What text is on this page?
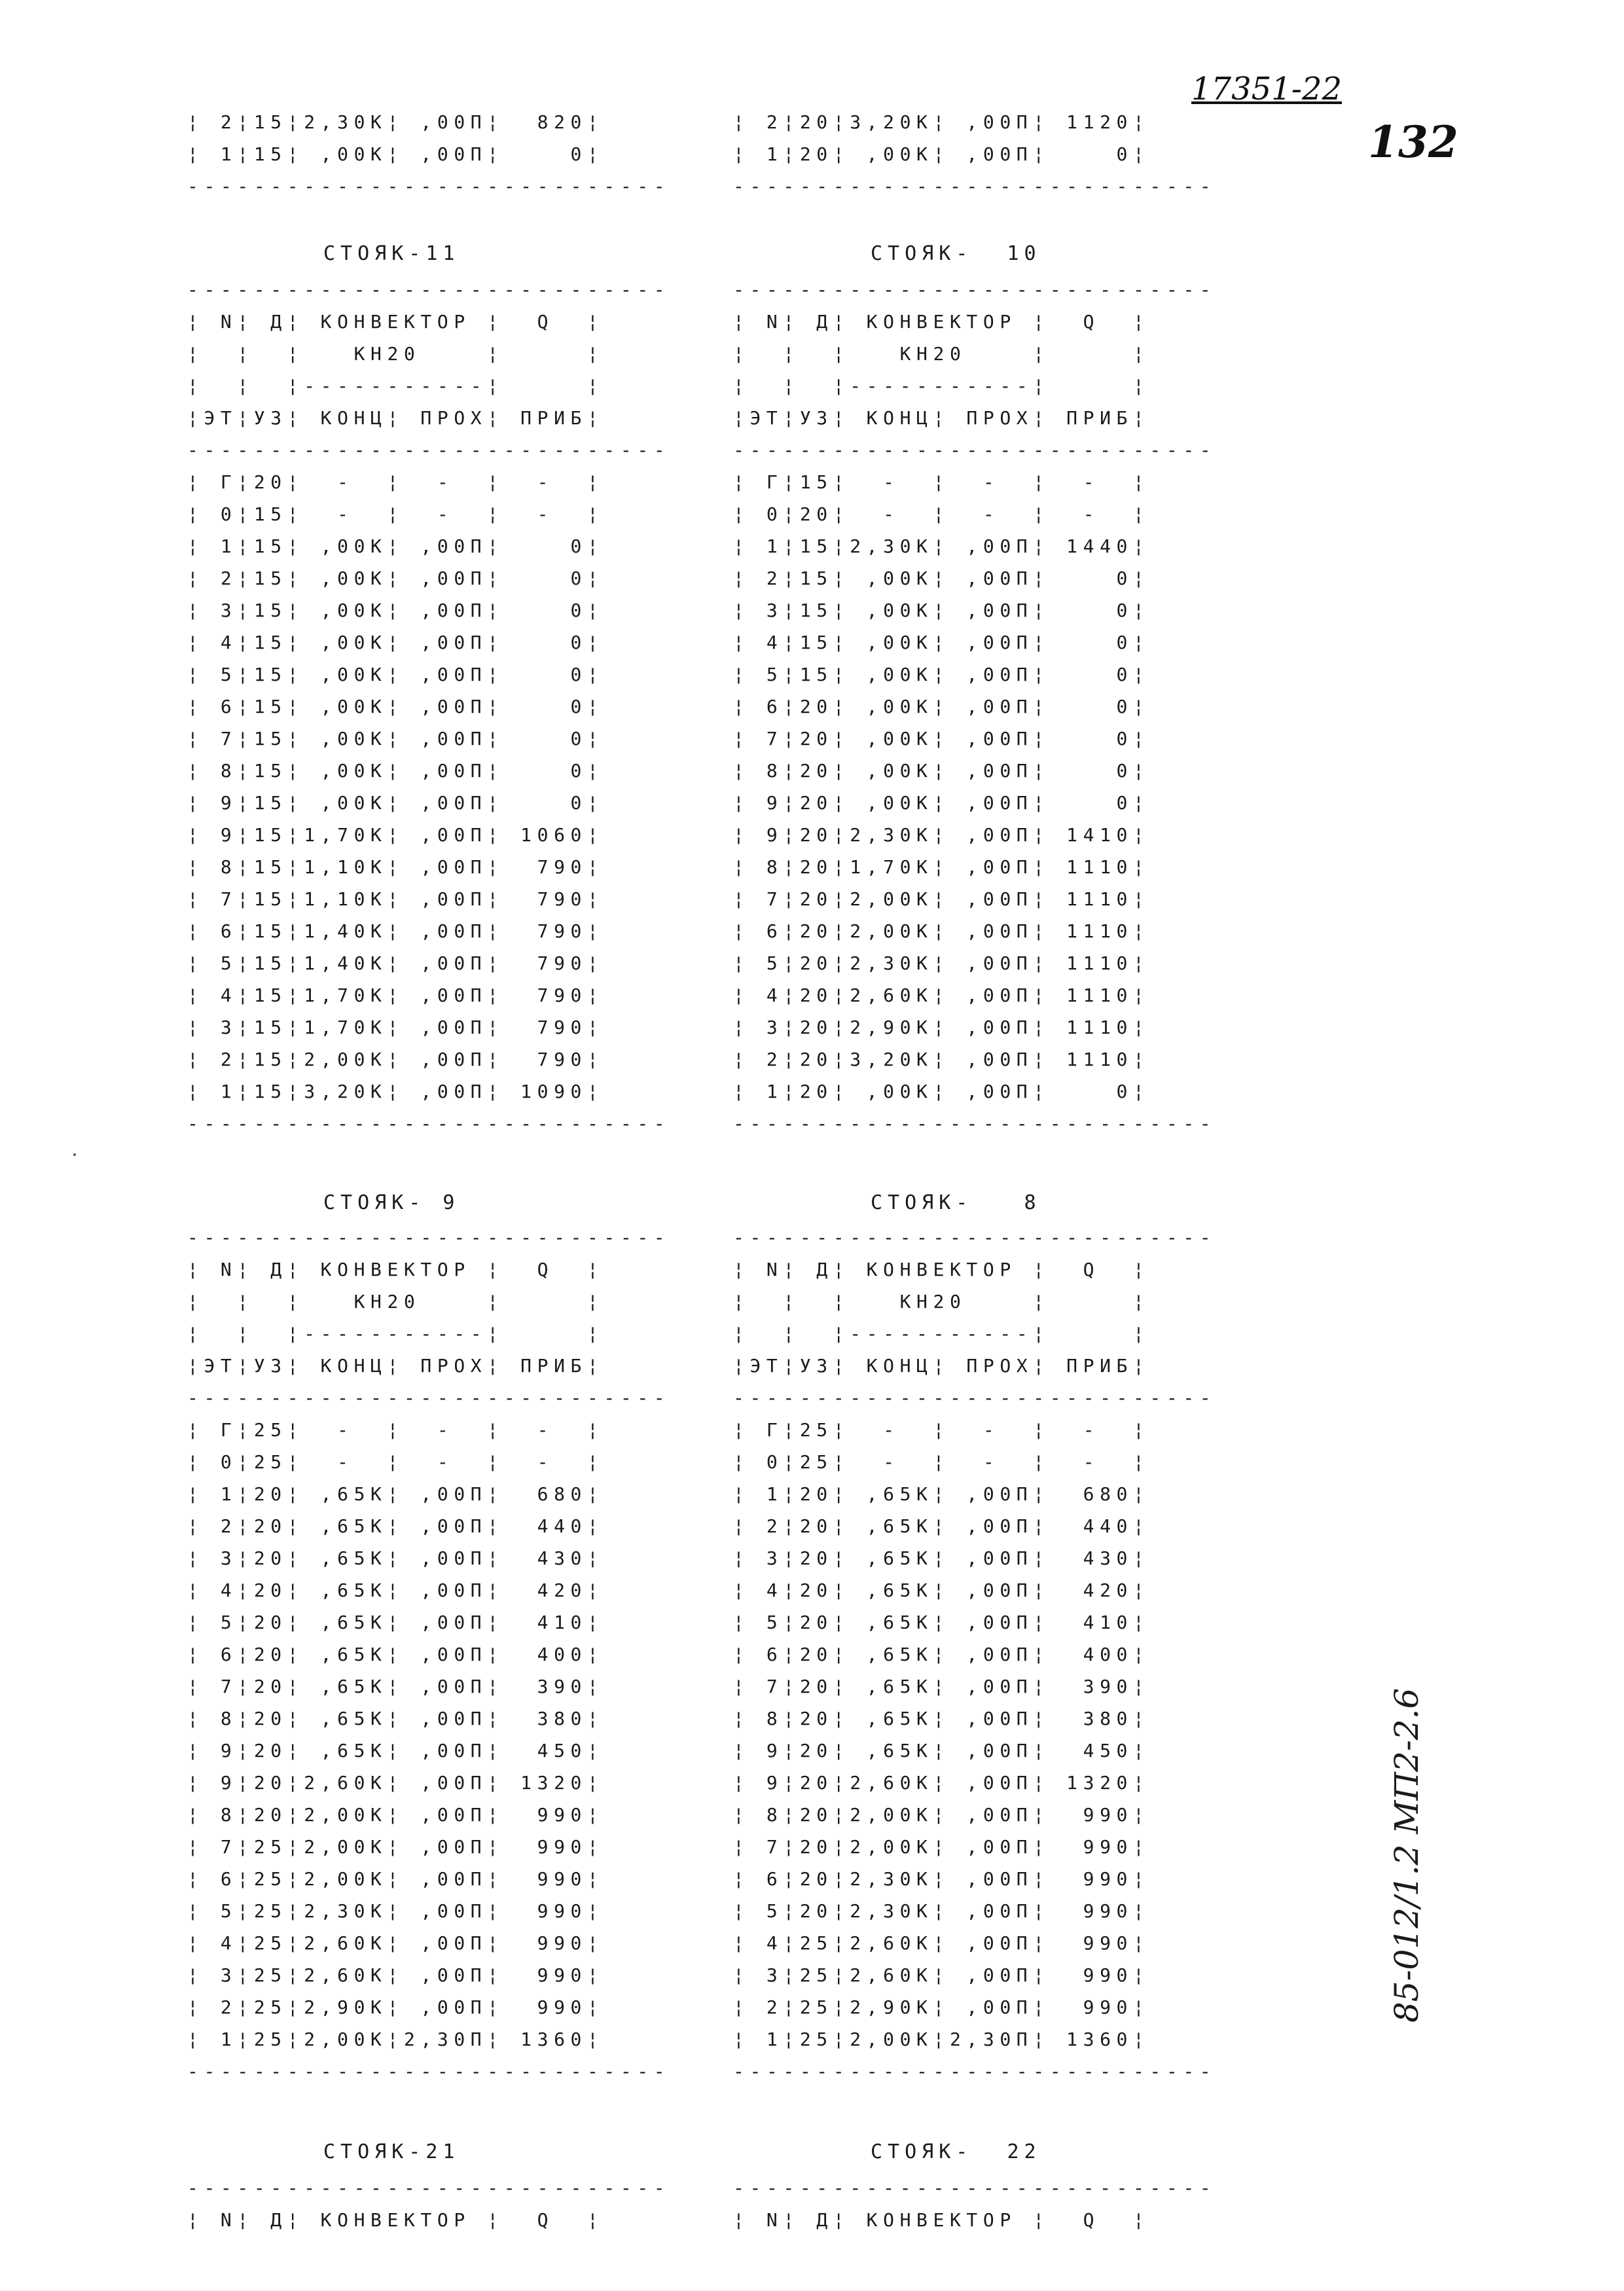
17351-22
132
85-012/1.2 МП2-2.6
¦ 2¦15¦2,30К¦ ,00П¦  820¦
¦ 1¦15¦ ,00К¦ ,00П¦    0¦
-----------------------------
¦ 2¦20¦3,20К¦ ,00П¦ 1120¦
¦ 1¦20¦ ,00К¦ ,00П¦    0¦
-----------------------------
СТОЯК-11
-----------------------------
¦ N¦ Д¦ КОНВЕКТОР ¦  Q  ¦
¦  ¦  ¦   КН20    ¦     ¦
¦  ¦  ¦-----------¦     ¦
¦ЭТ¦УЗ¦ КОНЦ¦ ПРОХ¦ ПРИБ¦
-----------------------------
¦ Г¦20¦  -  ¦  -  ¦  -  ¦
¦ 0¦15¦  -  ¦  -  ¦  -  ¦
¦ 1¦15¦ ,00К¦ ,00П¦    0¦
¦ 2¦15¦ ,00К¦ ,00П¦    0¦
¦ 3¦15¦ ,00К¦ ,00П¦    0¦
¦ 4¦15¦ ,00К¦ ,00П¦    0¦
¦ 5¦15¦ ,00К¦ ,00П¦    0¦
¦ 6¦15¦ ,00К¦ ,00П¦    0¦
¦ 7¦15¦ ,00К¦ ,00П¦    0¦
¦ 8¦15¦ ,00К¦ ,00П¦    0¦
¦ 9¦15¦ ,00К¦ ,00П¦    0¦
¦ 9¦15¦1,70К¦ ,00П¦ 1060¦
¦ 8¦15¦1,10К¦ ,00П¦  790¦
¦ 7¦15¦1,10К¦ ,00П¦  790¦
¦ 6¦15¦1,40К¦ ,00П¦  790¦
¦ 5¦15¦1,40К¦ ,00П¦  790¦
¦ 4¦15¦1,70К¦ ,00П¦  790¦
¦ 3¦15¦1,70К¦ ,00П¦  790¦
¦ 2¦15¦2,00К¦ ,00П¦  790¦
¦ 1¦15¦3,20К¦ ,00П¦ 1090¦
-----------------------------
СТОЯК-  10
-----------------------------
¦ N¦ Д¦ КОНВЕКТОР ¦  Q  ¦
¦  ¦  ¦   КН20    ¦     ¦
¦  ¦  ¦-----------¦     ¦
¦ЭТ¦УЗ¦ КОНЦ¦ ПРОХ¦ ПРИБ¦
-----------------------------
¦ Г¦15¦  -  ¦  -  ¦  -  ¦
¦ 0¦20¦  -  ¦  -  ¦  -  ¦
¦ 1¦15¦2,30К¦ ,00П¦ 1440¦
¦ 2¦15¦ ,00К¦ ,00П¦    0¦
¦ 3¦15¦ ,00К¦ ,00П¦    0¦
¦ 4¦15¦ ,00К¦ ,00П¦    0¦
¦ 5¦15¦ ,00К¦ ,00П¦    0¦
¦ 6¦20¦ ,00К¦ ,00П¦    0¦
¦ 7¦20¦ ,00К¦ ,00П¦    0¦
¦ 8¦20¦ ,00К¦ ,00П¦    0¦
¦ 9¦20¦ ,00К¦ ,00П¦    0¦
¦ 9¦20¦2,30К¦ ,00П¦ 1410¦
¦ 8¦20¦1,70К¦ ,00П¦ 1110¦
¦ 7¦20¦2,00К¦ ,00П¦ 1110¦
¦ 6¦20¦2,00К¦ ,00П¦ 1110¦
¦ 5¦20¦2,30К¦ ,00П¦ 1110¦
¦ 4¦20¦2,60К¦ ,00П¦ 1110¦
¦ 3¦20¦2,90К¦ ,00П¦ 1110¦
¦ 2¦20¦3,20К¦ ,00П¦ 1110¦
¦ 1¦20¦ ,00К¦ ,00П¦    0¦
-----------------------------
СТОЯК- 9
-----------------------------
¦ N¦ Д¦ КОНВЕКТОР ¦  Q  ¦
¦  ¦  ¦   КН20    ¦     ¦
¦  ¦  ¦-----------¦     ¦
¦ЭТ¦УЗ¦ КОНЦ¦ ПРОХ¦ ПРИБ¦
-----------------------------
¦ Г¦25¦  -  ¦  -  ¦  -  ¦
¦ 0¦25¦  -  ¦  -  ¦  -  ¦
¦ 1¦20¦ ,65К¦ ,00П¦  680¦
¦ 2¦20¦ ,65К¦ ,00П¦  440¦
¦ 3¦20¦ ,65К¦ ,00П¦  430¦
¦ 4¦20¦ ,65К¦ ,00П¦  420¦
¦ 5¦20¦ ,65К¦ ,00П¦  410¦
¦ 6¦20¦ ,65К¦ ,00П¦  400¦
¦ 7¦20¦ ,65К¦ ,00П¦  390¦
¦ 8¦20¦ ,65К¦ ,00П¦  380¦
¦ 9¦20¦ ,65К¦ ,00П¦  450¦
¦ 9¦20¦2,60К¦ ,00П¦ 1320¦
¦ 8¦20¦2,00К¦ ,00П¦  990¦
¦ 7¦25¦2,00К¦ ,00П¦  990¦
¦ 6¦25¦2,00К¦ ,00П¦  990¦
¦ 5¦25¦2,30К¦ ,00П¦  990¦
¦ 4¦25¦2,60К¦ ,00П¦  990¦
¦ 3¦25¦2,60К¦ ,00П¦  990¦
¦ 2¦25¦2,90К¦ ,00П¦  990¦
¦ 1¦25¦2,00К¦2,30П¦ 1360¦
-----------------------------
СТОЯК-   8
-----------------------------
¦ N¦ Д¦ КОНВЕКТОР ¦  Q  ¦
¦  ¦  ¦   КН20    ¦     ¦
¦  ¦  ¦-----------¦     ¦
¦ЭТ¦УЗ¦ КОНЦ¦ ПРОХ¦ ПРИБ¦
-----------------------------
¦ Г¦25¦  -  ¦  -  ¦  -  ¦
¦ 0¦25¦  -  ¦  -  ¦  -  ¦
¦ 1¦20¦ ,65К¦ ,00П¦  680¦
¦ 2¦20¦ ,65К¦ ,00П¦  440¦
¦ 3¦20¦ ,65К¦ ,00П¦  430¦
¦ 4¦20¦ ,65К¦ ,00П¦  420¦
¦ 5¦20¦ ,65К¦ ,00П¦  410¦
¦ 6¦20¦ ,65К¦ ,00П¦  400¦
¦ 7¦20¦ ,65К¦ ,00П¦  390¦
¦ 8¦20¦ ,65К¦ ,00П¦  380¦
¦ 9¦20¦ ,65К¦ ,00П¦  450¦
¦ 9¦20¦2,60К¦ ,00П¦ 1320¦
¦ 8¦20¦2,00К¦ ,00П¦  990¦
¦ 7¦20¦2,00К¦ ,00П¦  990¦
¦ 6¦20¦2,30К¦ ,00П¦  990¦
¦ 5¦20¦2,30К¦ ,00П¦  990¦
¦ 4¦25¦2,60К¦ ,00П¦  990¦
¦ 3¦25¦2,60К¦ ,00П¦  990¦
¦ 2¦25¦2,90К¦ ,00П¦  990¦
¦ 1¦25¦2,00К¦2,30П¦ 1360¦
-----------------------------
СТОЯК-21
-----------------------------
¦ N¦ Д¦ КОНВЕКТОР ¦  Q  ¦
СТОЯК-  22
-----------------------------
¦ N¦ Д¦ КОНВЕКТОР ¦  Q  ¦
